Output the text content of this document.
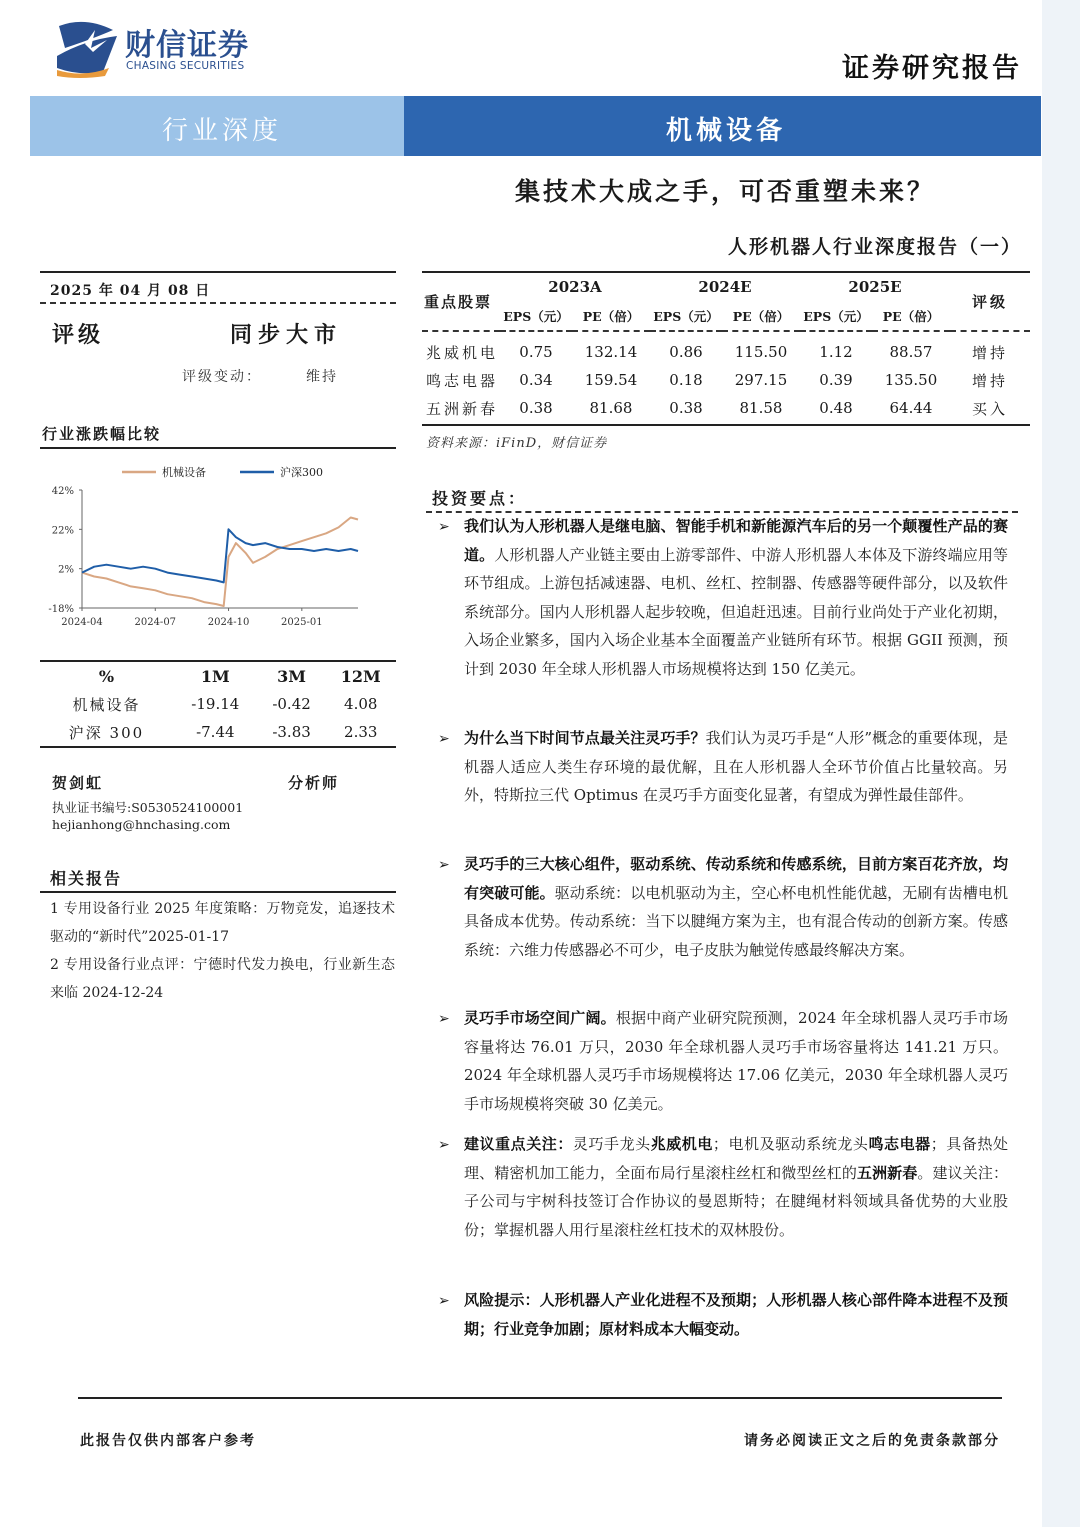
财信证券
CHASING SECURITIES	证券研究报告
行业深度	机械设备
集技术大成之手，可否重塑未来？
人形机器人行业深度报告（一）
2025 年 04 月 08 日
评级	同步大市
评级变动：	维持
行业涨跌幅比较
机械设备	沪深300
42%
22%
2%
-18%
2024-04	2024-07	2024-10	2025-01
%	1M	3M	12M
机械设备	-19.14	-0.42	4.08
沪深 300	-7.44	-3.83	2.33
贺剑虹	分析师
执业证书编号:S0530524100001
hejianhong@hnchasing.com
相关报告
1 专用设备行业 2025 年度策略：万物竞发，追逐技术驱动的“新时代”2025-01-17
2 专用设备行业点评：宁德时代发力换电，行业新生态来临 2024-12-24
重点股票	2023A		2024E		2025E		评级
	EPS（元）	PE（倍）	EPS（元）	PE（倍）	EPS（元）	PE（倍）	

兆威机电	0.75	132.14	0.86	115.50	1.12	88.57	增持
鸣志电器	0.34	159.54	0.18	297.15	0.39	135.50	增持
五洲新春	0.38	81.68	0.38	81.58	0.48	64.44	买入
资料来源：iFinD，财信证券
投资要点：
➢ 我们认为人形机器人是继电脑、智能手机和新能源汽车后的另一个颠覆性产品的赛道。人形机器人产业链主要由上游零部件、中游人形机器人本体及下游终端应用等环节组成。上游包括减速器、电机、丝杠、控制器、传感器等硬件部分，以及软件系统部分。国内人形机器人起步较晚，但追赶迅速。目前行业尚处于产业化初期，入场企业繁多，国内入场企业基本全面覆盖产业链所有环节。根据 GGII 预测，预计到 2030 年全球人形机器人市场规模将达到 150 亿美元。
➢ 为什么当下时间节点最关注灵巧手？我们认为灵巧手是“人形”概念的重要体现，是机器人适应人类生存环境的最优解，且在人形机器人全环节价值占比量较高。另外，特斯拉三代 Optimus 在灵巧手方面变化显著，有望成为弹性最佳部件。
➢ 灵巧手的三大核心组件，驱动系统、传动系统和传感系统，目前方案百花齐放，均有突破可能。驱动系统：以电机驱动为主，空心杯电机性能优越，无刷有齿槽电机具备成本优势。传动系统：当下以腱绳方案为主，也有混合传动的创新方案。传感系统：六维力传感器必不可少，电子皮肤为触觉传感最终解决方案。
➢ 灵巧手市场空间广阔。根据中商产业研究院预测，2024 年全球机器人灵巧手市场容量将达 76.01 万只，2030 年全球机器人灵巧手市场容量将达 141.21 万只。2024 年全球机器人灵巧手市场规模将达 17.06 亿美元，2030 年全球机器人灵巧手市场规模将突破 30 亿美元。
➢ 建议重点关注：灵巧手龙头兆威机电；电机及驱动系统龙头鸣志电器；具备热处理、精密机加工能力，全面布局行星滚柱丝杠和微型丝杠的五洲新春。建议关注：子公司与宇树科技签订合作协议的曼恩斯特；在腱绳材料领域具备优势的大业股份；掌握机器人用行星滚柱丝杠技术的双林股份。
➢ 风险提示：人形机器人产业化进程不及预期；人形机器人核心部件降本进程不及预期；行业竞争加剧；原材料成本大幅变动。
此报告仅供内部客户参考	请务必阅读正文之后的免责条款部分
